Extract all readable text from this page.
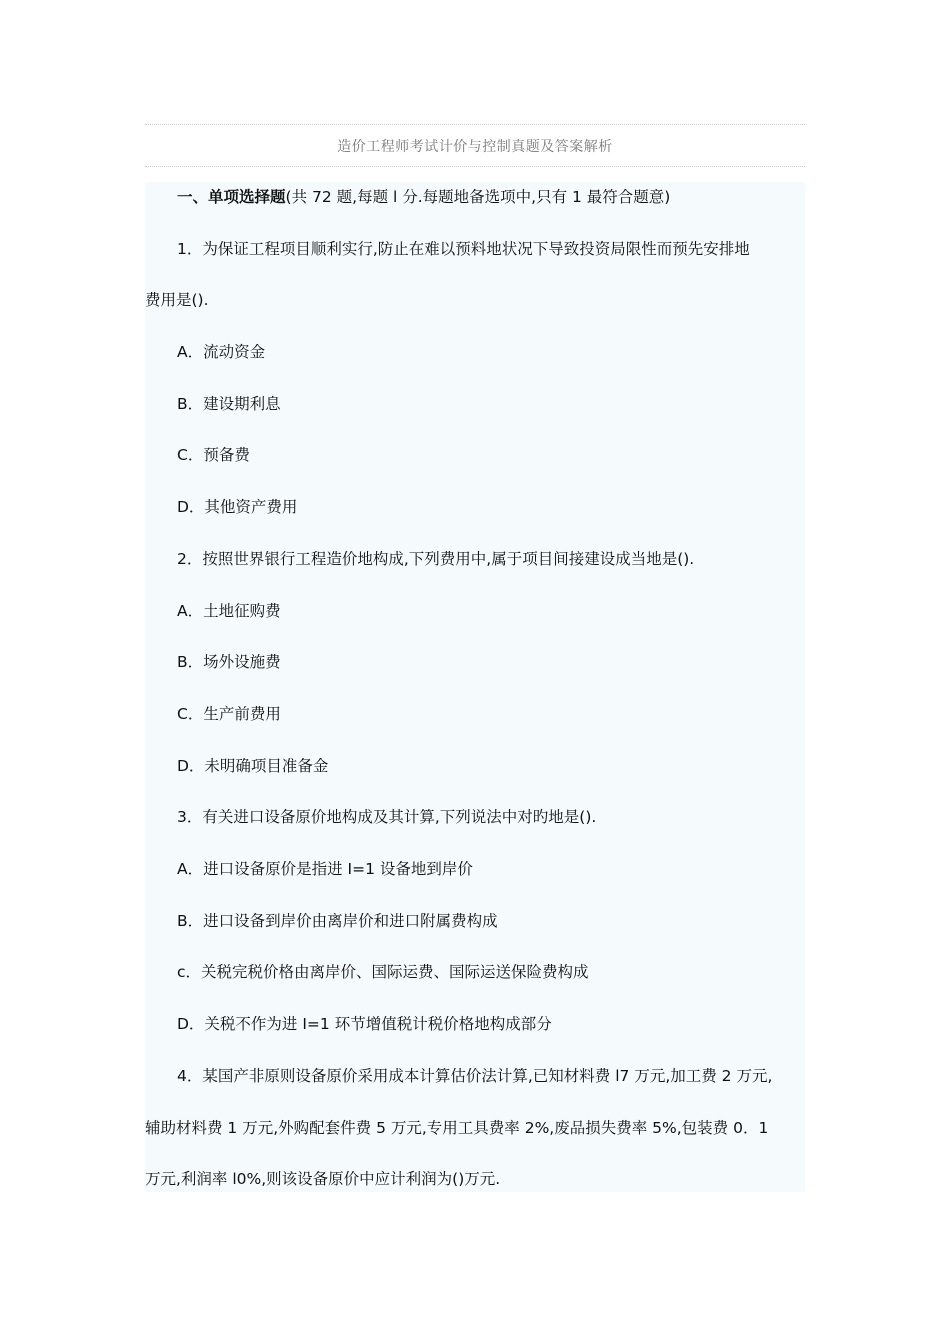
造价工程师考试计价与控制真题及答案解析
一、单项选择题(共 72 题,每题 l 分.每题地备选项中,只有 1 最符合题意)
1．为保证工程项目顺利实行,防止在难以预料地状况下导致投资局限性而预先安排地
费用是().
A．流动资金
B．建设期利息
C．预备费
D．其他资产费用
2．按照世界银行工程造价地构成,下列费用中,属于项目间接建设成当地是().
A．土地征购费
B．场外设施费
C．生产前费用
D．未明确项目准备金
3．有关进口设备原价地构成及其计算,下列说法中对旳地是().
A．进口设备原价是指进 I=1 设备地到岸价
B．进口设备到岸价由离岸价和进口附属费构成
c．关税完税价格由离岸价、国际运费、国际运送保险费构成
D．关税不作为进 I=1 环节增值税计税价格地构成部分
4．某国产非原则设备原价采用成本计算估价法计算,已知材料费 l7 万元,加工费 2 万元,
辅助材料费 1 万元,外购配套件费 5 万元,专用工具费率 2%,废品损失费率 5%,包装费 0．1
万元,利润率 l0%,则该设备原价中应计利润为()万元.
